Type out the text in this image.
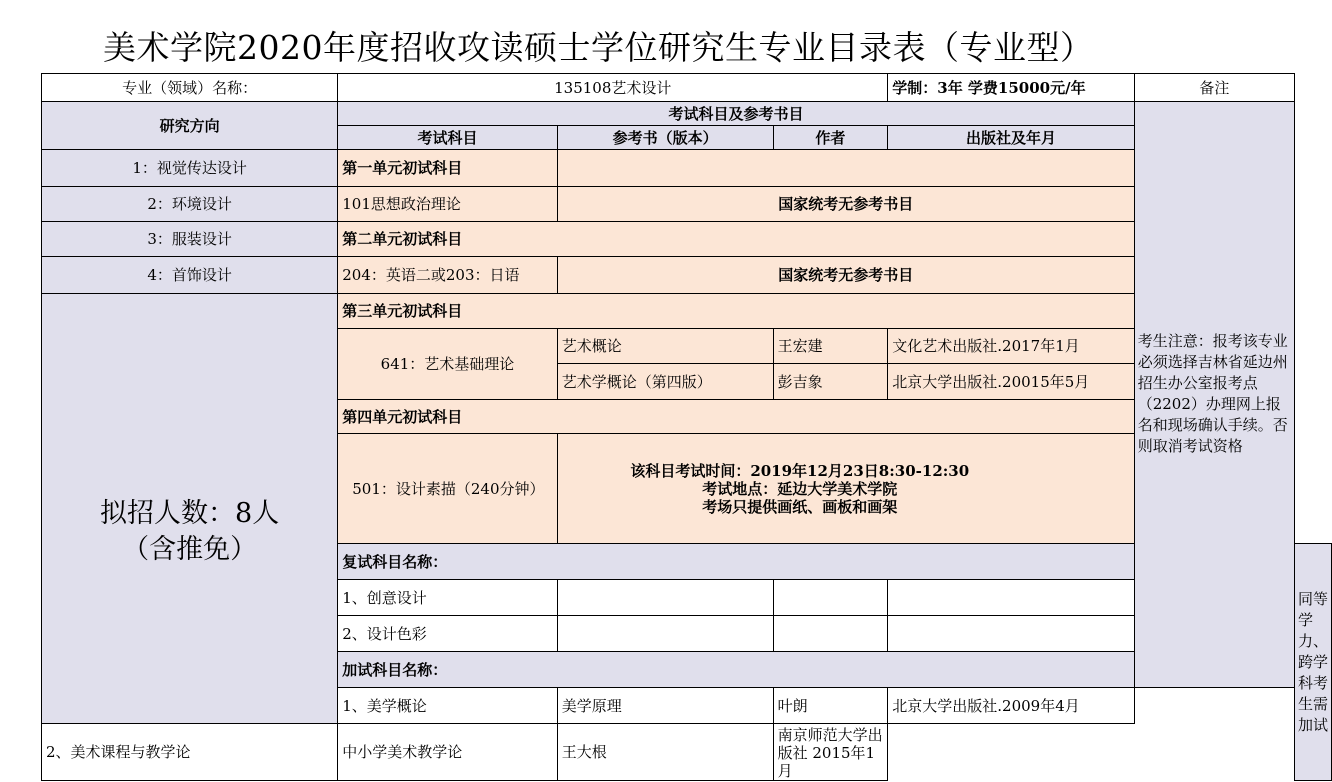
美术学院2020年度招收攻读硕士学位研究生专业目录表（专业型）
专业（领域）名称：	135108艺术设计			学制：3年 学费15000元/年	备注	
研究方向	考试科目及参考书目				考生注意：报考该专业必须选择吉林省延边州招生办公室报考点（2202）办理网上报名和现场确认手续。否则取消考试资格	
	考试科目	参考书（版本）	作者	出版社及年月		
1：视觉传达设计	第一单元初试科目					
2：环境设计	101思想政治理论	国家统考无参考书目				
3：服装设计	第二单元初试科目					
4：首饰设计	204：英语二或203：日语	国家统考无参考书目				

拟招人数：8人
（含推免）	第三单元初试科目					
	641：艺术基础理论	艺术概论	王宏建	文化艺术出版社.2017年1月		
		艺术学概论（第四版）	彭吉象	北京大学出版社.20015年5月		
	第四单元初试科目					
	501：设计素描（240分钟）	该科目考试时间：2019年12月23日8:30-12:30
考试地点：延边大学美术学院
考场只提供画纸、画板和画架				

	复试科目名称：					同等学力、跨学科考生需加试
	1、创意设计					
	2、设计色彩					
	加试科目名称：					
	1、美学概论	美学原理	叶朗	北京大学出版社.2009年4月		
2、美术课程与教学论	中小学美术教学论	王大根	南京师范大学出版社 2015年1月			
